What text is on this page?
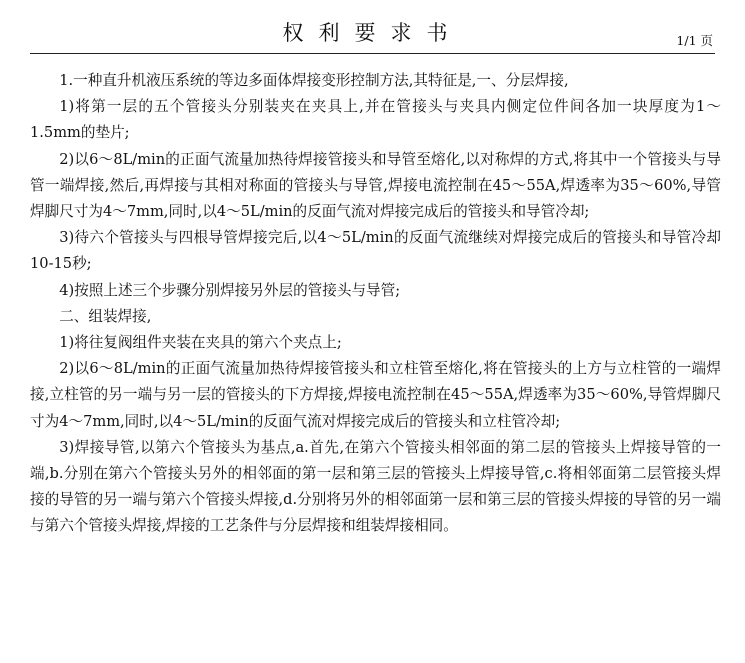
权利要求书	1/1 页

1.一种直升机液压系统的等边多面体焊接变形控制方法,其特征是,一、分层焊接,

1)将第一层的五个管接头分别装夹在夹具上,并在管接头与夹具内侧定位件间各加一块厚度为1～1.5mm的垫片;

2)以6～8L/min的正面气流量加热待焊接管接头和导管至熔化,以对称焊的方式,将其中一个管接头与导管一端焊接,然后,再焊接与其相对称面的管接头与导管,焊接电流控制在45～55A,焊透率为35～60%,导管焊脚尺寸为4～7mm,同时,以4～5L/min的反面气流对焊接完成后的管接头和导管冷却;

3)待六个管接头与四根导管焊接完后,以4～5L/min的反面气流继续对焊接完成后的管接头和导管冷却10-15秒;

4)按照上述三个步骤分别焊接另外层的管接头与导管;

二、组装焊接,

1)将往复阀组件夹装在夹具的第六个夹点上;

2)以6～8L/min的正面气流量加热待焊接管接头和立柱管至熔化,将在管接头的上方与立柱管的一端焊接,立柱管的另一端与另一层的管接头的下方焊接,焊接电流控制在45～55A,焊透率为35～60%,导管焊脚尺寸为4～7mm,同时,以4～5L/min的反面气流对焊接完成后的管接头和立柱管冷却;

3)焊接导管,以第六个管接头为基点,a.首先,在第六个管接头相邻面的第二层的管接头上焊接导管的一端,b.分别在第六个管接头另外的相邻面的第一层和第三层的管接头上焊接导管,c.将相邻面第二层管接头焊接的导管的另一端与第六个管接头焊接,d.分别将另外的相邻面第一层和第三层的管接头焊接的导管的另一端与第六个管接头焊接,焊接的工艺条件与分层焊接和组装焊接相同。
